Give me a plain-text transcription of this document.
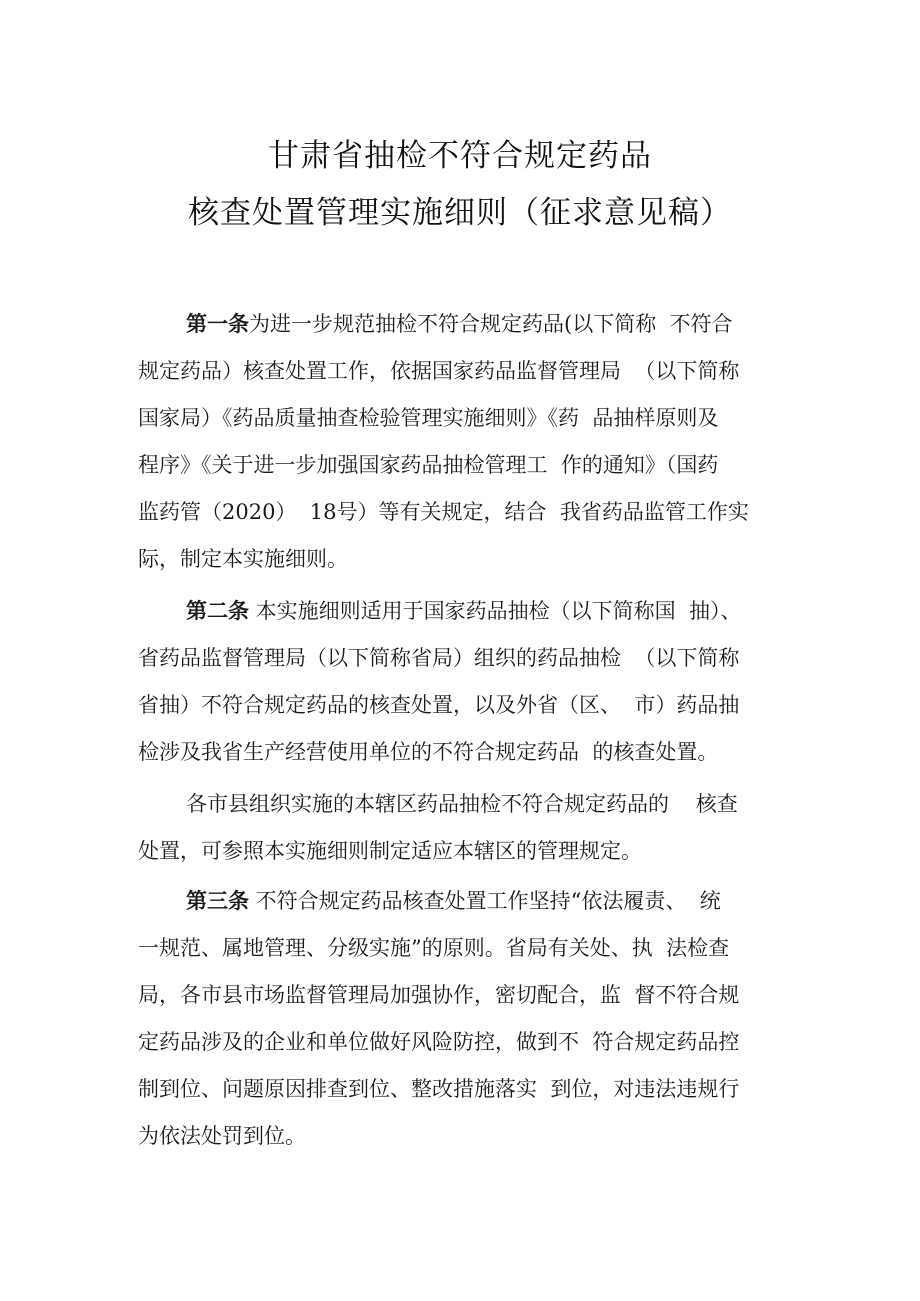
甘肃省抽检不符合规定药品
核查处置管理实施细则（征求意见稿）
第一条为进一步规范抽检不符合规定药品(以下简称  不符合
规定药品）核查处置工作，依据国家药品监督管理局  （以下简称
国家局）《药品质量抽查检验管理实施细则》《药  品抽样原则及
程序》《关于进一步加强国家药品抽检管理工  作的通知》（国药
监药管（2020）  18号）等有关规定，结合  我省药品监管工作实
际，制定本实施细则。
第二条 本实施细则适用于国家药品抽检（以下简称国  抽）、
省药品监督管理局（以下简称省局）组织的药品抽检  （以下简称
省抽）不符合规定药品的核查处置，以及外省（区、  市）药品抽
检涉及我省生产经营使用单位的不符合规定药品  的核查处置。
各市县组织实施的本辖区药品抽检不符合规定药品的    核查
处置，可参照本实施细则制定适应本辖区的管理规定。
第三条 不符合规定药品核查处置工作坚持“依法履责、  统
一规范、属地管理、分级实施”的原则。省局有关处、执  法检查
局，各市县市场监督管理局加强协作，密切配合，监  督不符合规
定药品涉及的企业和单位做好风险防控，做到不  符合规定药品控
制到位、问题原因排查到位、整改措施落实  到位，对违法违规行
为依法处罚到位。
